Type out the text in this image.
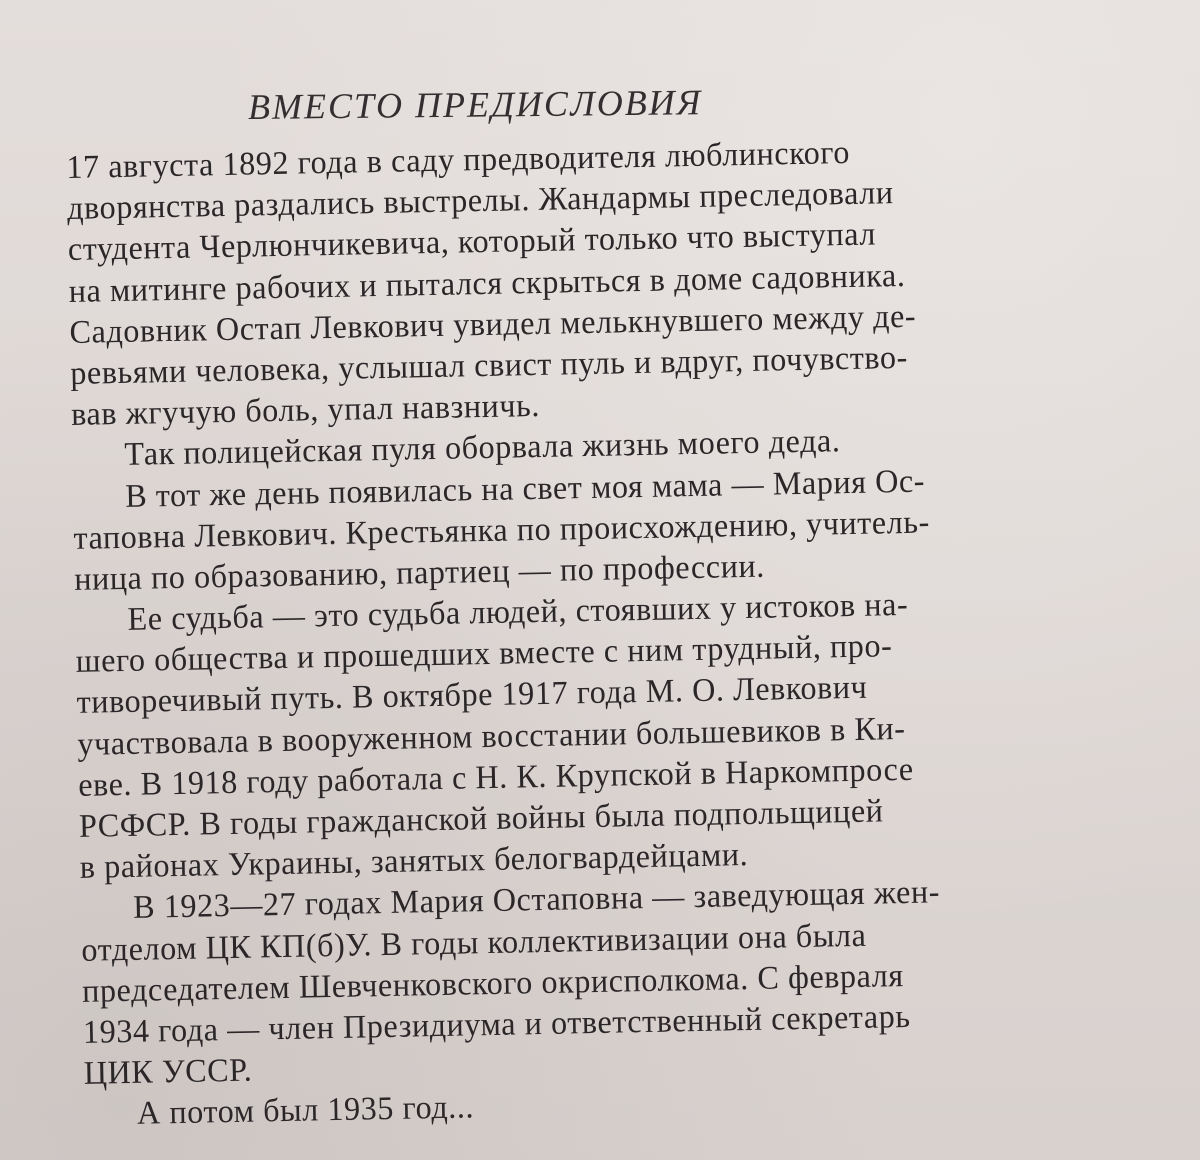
ВМЕСТО ПРЕДИСЛОВИЯ
17 августа 1892 года в саду предводителя люблинского
дворянства раздались выстрелы. Жандармы преследовали
студента Черлюнчикевича, который только что выступал
на митинге рабочих и пытался скрыться в доме садовника.
Садовник Остап Левкович увидел мелькнувшего между де-
ревьями человека, услышал свист пуль и вдруг, почувство-
вав жгучую боль, упал навзничь.
Так полицейская пуля оборвала жизнь моего деда.
В тот же день появилась на свет моя мама — Мария Ос-
таповна Левкович. Крестьянка по происхождению, учитель-
ница по образованию, партиец — по профессии.
Ее судьба — это судьба людей, стоявших у истоков на-
шего общества и прошедших вместе с ним трудный, про-
тиворечивый путь. В октябре 1917 года М. О. Левкович
участвовала в вооруженном восстании большевиков в Ки-
еве. В 1918 году работала с Н. К. Крупской в Наркомпросе
РСФСР. В годы гражданской войны была подпольщицей
в районах Украины, занятых белогвардейцами.
В 1923—27 годах Мария Остаповна — заведующая жен-
отделом ЦК КП(б)У. В годы коллективизации она была
председателем Шевченковского окрисполкома. С февраля
1934 года — член Президиума и ответственный секретарь
ЦИК УССР.
А потом был 1935 год...
